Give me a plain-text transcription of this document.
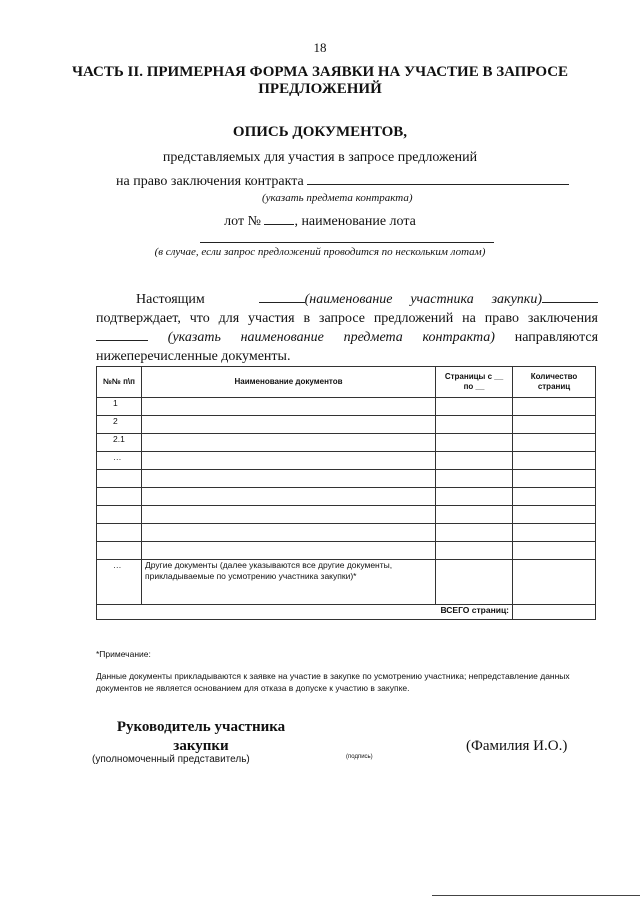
18
ЧАСТЬ II. ПРИМЕРНАЯ ФОРМА ЗАЯВКИ НА УЧАСТИЕ В ЗАПРОСЕ
ПРЕДЛОЖЕНИЙ
ОПИСЬ ДОКУМЕНТОВ,
представляемых для участия в запросе предложений
на право заключения контракта
(указать предмета контракта)
лот № , наименование лота
(в случае, если запрос предложений проводится по нескольким лотам)
Настоящим	(наименование участника закупки) подтверждает, что для участия в запросе предложений на право заключения  (указать наименование предмета контракта) направляются нижеперечисленные документы.
№№ п\п	Наименование документов	Страницы с __ по __	Количество страниц
1			
2			
2.1			
…			

…	Другие документы (далее указываются все другие документы, прикладываемые по усмотрению участника закупки)*		
ВСЕГО страниц:			
*Примечание:
Данные документы прикладываются к заявке на участие в закупке по усмотрению участника; непредставление данных документов не является основанием для отказа в допуске к участию в закупке.
Руководитель участника закупки
(уполномоченный представитель)	(подпись)
(Фамилия И.О.)
